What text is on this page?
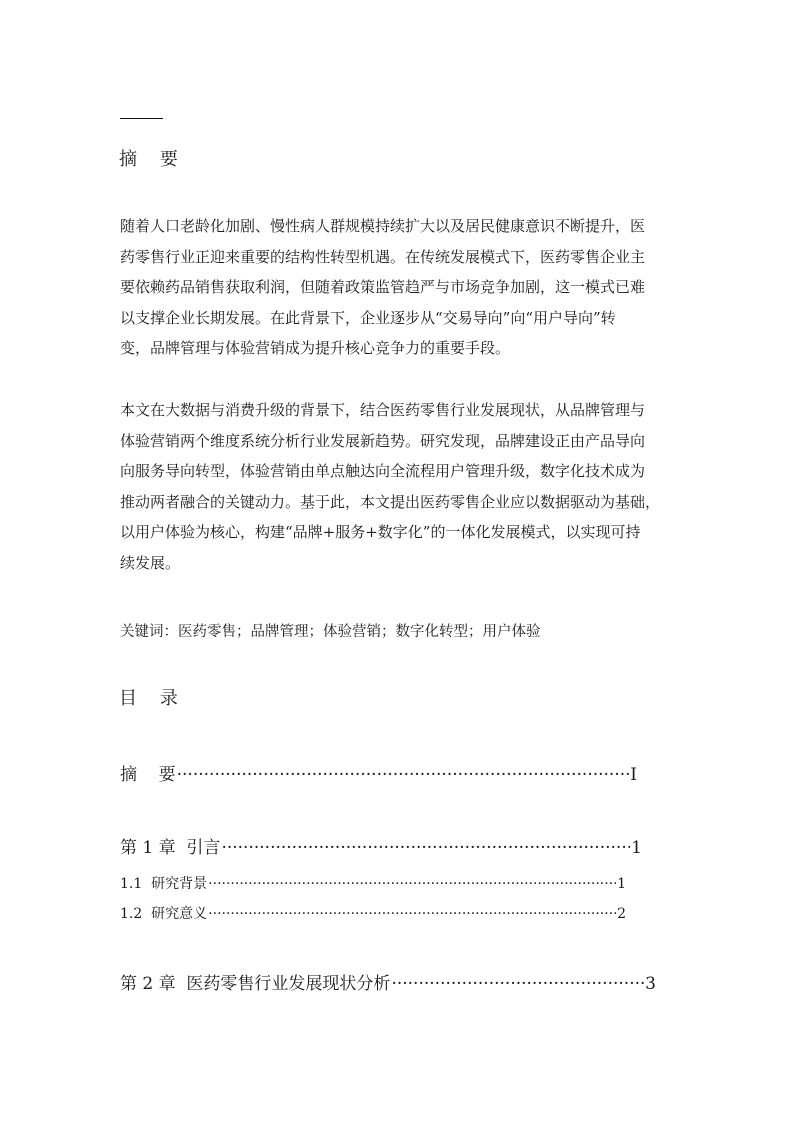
摘    要
随着人口老龄化加剧、慢性病人群规模持续扩大以及居民健康意识不断提升，医
药零售行业正迎来重要的结构性转型机遇。在传统发展模式下，医药零售企业主
要依赖药品销售获取利润，但随着政策监管趋严与市场竞争加剧，这一模式已难
以支撑企业长期发展。在此背景下，企业逐步从“交易导向”向“用户导向”转
变，品牌管理与体验营销成为提升核心竞争力的重要手段。
本文在大数据与消费升级的背景下，结合医药零售行业发展现状，从品牌管理与
体验营销两个维度系统分析行业发展新趋势。研究发现，品牌建设正由产品导向
向服务导向转型，体验营销由单点触达向全流程用户管理升级，数字化技术成为
推动两者融合的关键动力。基于此，本文提出医药零售企业应以数据驱动为基础，
以用户体验为核心，构建“品牌+服务+数字化”的一体化发展模式，以实现可持
续发展。
关键词：医药零售；品牌管理；体验营销；数字化转型；用户体验
目    录
摘    要 ·····	I
第 1 章  引言 ·····	1
1.1  研究背景 ·····	1
1.2  研究意义 ·····	2
第 2 章  医药零售行业发展现状分析 ·····	3
